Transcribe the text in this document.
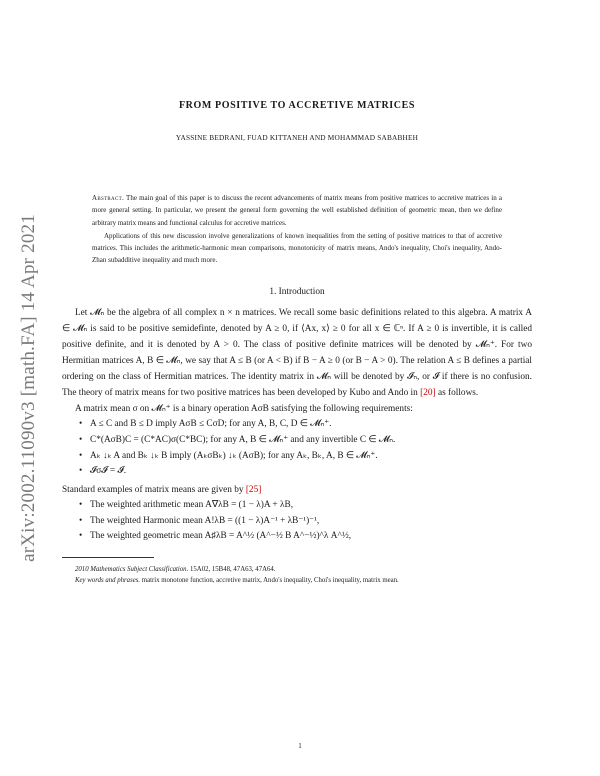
arXiv:2002.11090v3 [math.FA] 14 Apr 2021
FROM POSITIVE TO ACCRETIVE MATRICES
YASSINE BEDRANI, FUAD KITTANEH AND MOHAMMAD SABABHEH

Abstract. The main goal of this paper is to discuss the recent advancements of matrix means from positive matrices to accretive matrices in a more general setting. In particular, we present the general form governing the well established definition of geometric mean, then we define arbitrary matrix means and functional calculus for accretive matrices.

Applications of this new discussion involve generalizations of known inequalities from the setting of positive matrices to that of accretive matrices. This includes the arithmetic-harmonic mean comparisons, monotonicity of matrix means, Ando's inequality, Choi's inequality, Ando-Zhan subadditive inequality and much more.

1. Introduction

Let 𝓜ₙ be the algebra of all complex n × n matrices. We recall some basic definitions related to this algebra. A matrix A ∈ 𝓜ₙ is said to be positive semidefinte, denoted by A ≥ 0, if ⟨Ax, x⟩ ≥ 0 for all x ∈ ℂⁿ. If A ≥ 0 is invertible, it is called positive definite, and it is denoted by A > 0. The class of positive definite matrices will be denoted by 𝓜ₙ⁺. For two Hermitian matrices A, B ∈ 𝓜ₙ, we say that A ≤ B (or A < B) if B − A ≥ 0 (or B − A > 0). The relation A ≤ B defines a partial ordering on the class of Hermitian matrices. The identity matrix in 𝓜ₙ will be denoted by 𝓘ₙ, or 𝓘 if there is no confusion. The theory of matrix means for two positive matrices has been developed by Kubo and Ando in [20] as follows.

A matrix mean σ on 𝓜ₙ⁺ is a binary operation AσB satisfying the following requirements:

• A ≤ C and B ≤ D imply AσB ≤ CσD; for any A, B, C, D ∈ 𝓜ₙ⁺.
• C*(AσB)C = (C*AC)σ(C*BC); for any A, B ∈ 𝓜ₙ⁺ and any invertible C ∈ 𝓜ₙ.
• Aₖ ↓ₖ A and Bₖ ↓ₖ B imply (AₖσBₖ) ↓ₖ (AσB); for any Aₖ, Bₖ, A, B ∈ 𝓜ₙ⁺.
• 𝓘σ𝓘 = 𝓘.

Standard examples of matrix means are given by [25]

• The weighted arithmetic mean A∇λB = (1 − λ)A + λB,
• The weighted Harmonic mean A!λB = ((1 − λ)A⁻¹ + λB⁻¹)⁻¹,
• The weighted geometric mean A♯λB = A^½ (A^−½ B A^−½)^λ A^½,

2010 Mathematics Subject Classification. 15A02, 15B48, 47A63, 47A64.

Key words and phrases. matrix monotone function, accretive matrix, Ando's inequality, Choi's inequality, matrix mean.

1
